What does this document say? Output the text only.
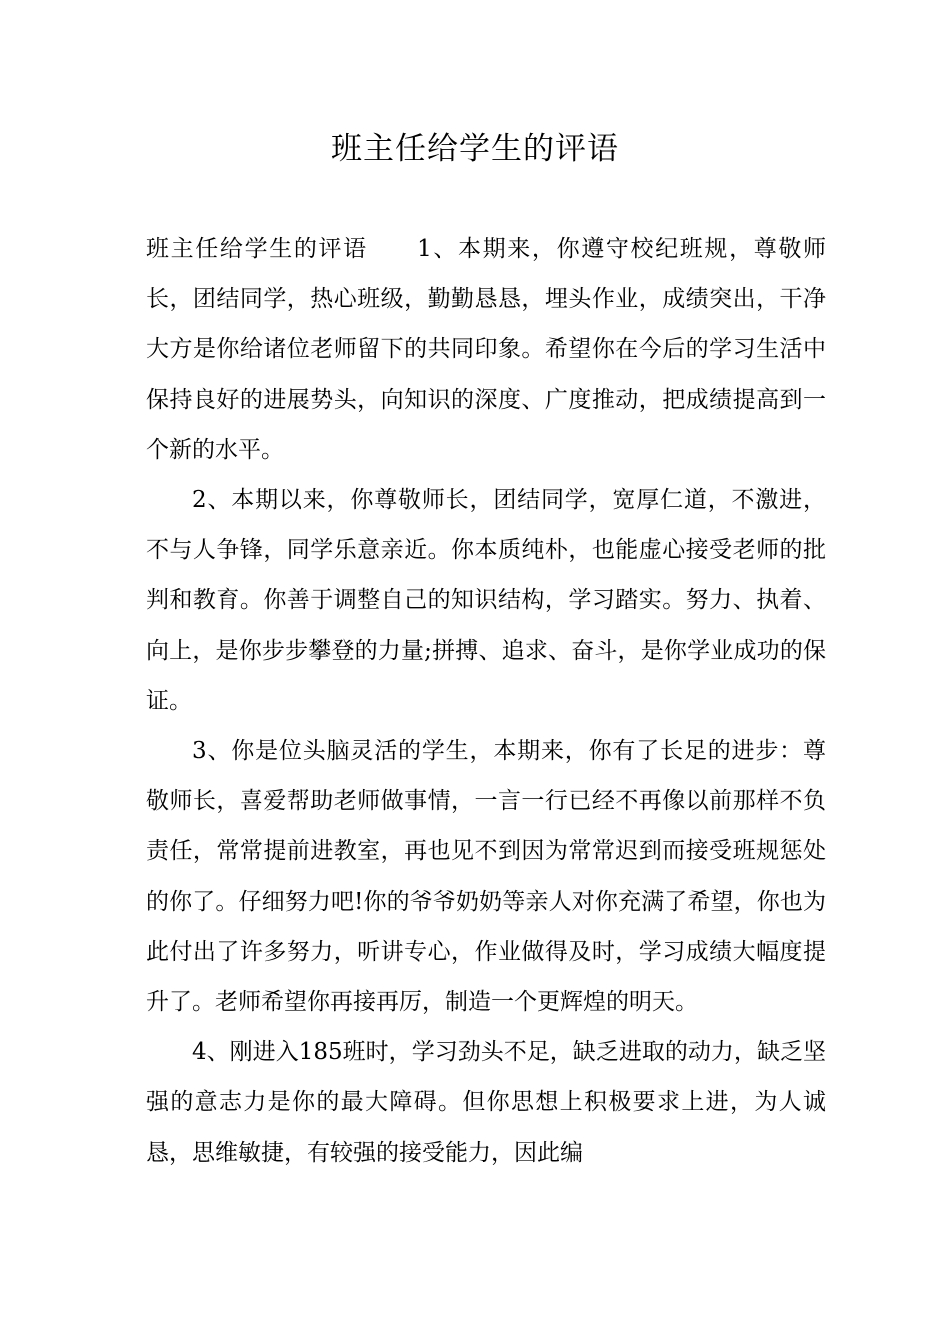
班主任给学生的评语

班主任给学生的评语　　1、本期来，你遵守校纪班规，尊敬师长，团结同学，热心班级，勤勤恳恳，埋头作业，成绩突出，干净大方是你给诸位老师留下的共同印象。希望你在今后的学习生活中保持良好的进展势头，向知识的深度、广度推动，把成绩提高到一个新的水平。

2、本期以来，你尊敬师长，团结同学，宽厚仁道，不激进，不与人争锋，同学乐意亲近。你本质纯朴，也能虚心接受老师的批判和教育。你善于调整自己的知识结构，学习踏实。努力、执着、向上，是你步步攀登的力量;拼搏、追求、奋斗，是你学业成功的保证。

3、你是位头脑灵活的学生，本期来，你有了长足的进步：尊敬师长，喜爱帮助老师做事情，一言一行已经不再像以前那样不负责任，常常提前进教室，再也见不到因为常常迟到而接受班规惩处的你了。仔细努力吧!你的爷爷奶奶等亲人对你充满了希望，你也为此付出了许多努力，听讲专心，作业做得及时，学习成绩大幅度提升了。老师希望你再接再厉，制造一个更辉煌的明天。

4、刚进入185班时，学习劲头不足，缺乏进取的动力，缺乏坚强的意志力是你的最大障碍。但你思想上积极要求上进，为人诚恳，思维敏捷，有较强的接受能力，因此编
